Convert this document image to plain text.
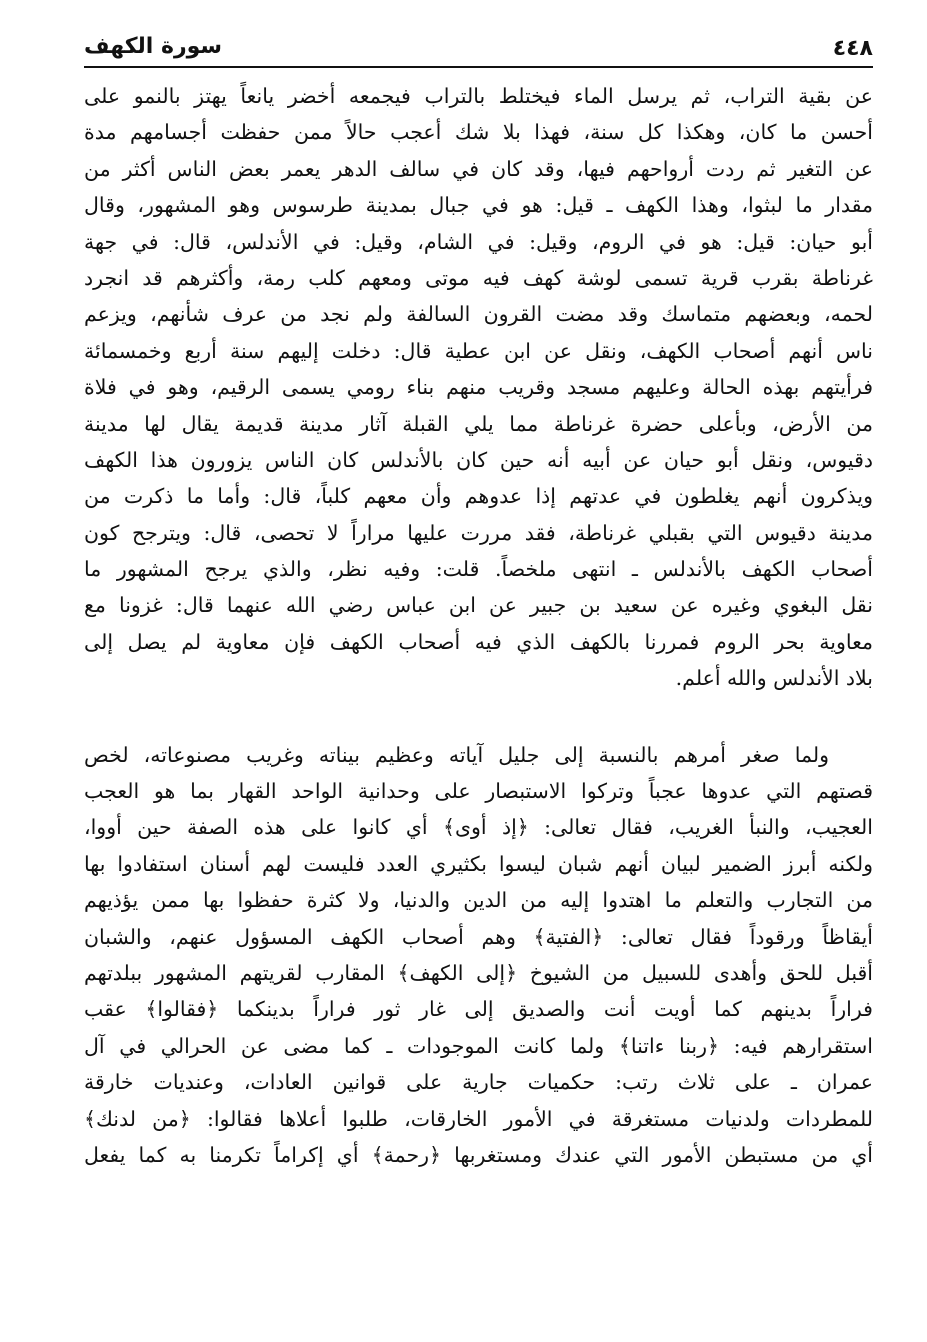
٤٤٨
سورة الكهف
عن بقية التراب، ثم يرسل الماء فيختلط بالتراب فيجمعه أخضر يانعاً يهتز بالنمو على
أحسن ما كان، وهكذا كل سنة، فهذا بلا شك أعجب حالاً ممن حفظت أجسامهم مدة
عن التغير ثم ردت أرواحهم فيها، وقد كان في سالف الدهر يعمر بعض الناس أكثر من
مقدار ما لبثوا، وهذا الكهف ـ قيل: هو في جبال بمدينة طرسوس وهو المشهور، وقال
أبو حيان: قيل: هو في الروم، وقيل: في الشام، وقيل: في الأندلس، قال: في جهة
غرناطة بقرب قرية تسمى لوشة كهف فيه موتى ومعهم كلب رمة، وأكثرهم قد انجرد
لحمه، وبعضهم متماسك وقد مضت القرون السالفة ولم نجد من عرف شأنهم، ويزعم
ناس أنهم أصحاب الكهف، ونقل عن ابن عطية قال: دخلت إليهم سنة أربع وخمسمائة
فرأيتهم بهذه الحالة وعليهم مسجد وقريب منهم بناء رومي يسمى الرقيم، وهو في فلاة
من الأرض، وبأعلى حضرة غرناطة مما يلي القبلة آثار مدينة قديمة يقال لها مدينة
دقيوس، ونقل أبو حيان عن أبيه أنه حين كان بالأندلس كان الناس يزورون هذا الكهف
ويذكرون أنهم يغلطون في عدتهم إذا عدوهم وأن معهم كلباً، قال: وأما ما ذكرت من
مدينة دقيوس التي بقبلي غرناطة، فقد مررت عليها مراراً لا تحصى، قال: ويترجح كون
أصحاب الكهف بالأندلس ـ انتهى ملخصاً. قلت: وفيه نظر، والذي يرجح المشهور ما
نقل البغوي وغيره عن سعيد بن جبير عن ابن عباس رضي الله عنهما قال: غزونا مع
معاوية بحر الروم فمررنا بالكهف الذي فيه أصحاب الكهف فإن معاوية لم يصل إلى
بلاد الأندلس والله أعلم.
ولما صغر أمرهم بالنسبة إلى جليل آياته وعظيم بيناته وغريب مصنوعاته، لخص
قصتهم التي عدوها عجباً وتركوا الاستبصار على وحدانية الواحد القهار بما هو العجب
العجيب، والنبأ الغريب، فقال تعالى: ﴿إذ أوى﴾ أي كانوا على هذه الصفة حين أووا،
ولكنه أبرز الضمير لبيان أنهم شبان ليسوا بكثيري العدد فليست لهم أسنان استفادوا بها
من التجارب والتعلم ما اهتدوا إليه من الدين والدنيا، ولا كثرة حفظوا بها ممن يؤذيهم
أيقاظاً ورقوداً فقال تعالى: ﴿الفتية﴾ وهم أصحاب الكهف المسؤول عنهم، والشبان
أقبل للحق وأهدى للسبيل من الشيوخ ﴿إلى الكهف﴾ المقارب لقريتهم المشهور ببلدتهم
فراراً بدينهم كما أويت أنت والصديق إلى غار ثور فراراً بدينكما ﴿فقالوا﴾ عقب
استقرارهم فيه: ﴿ربنا ءاتنا﴾ ولما كانت الموجودات ـ كما مضى عن الحرالي في آل
عمران ـ على ثلاث رتب: حكميات جارية على قوانين العادات، وعنديات خارقة
للمطردات ولدنيات مستغرقة في الأمور الخارقات، طلبوا أعلاها فقالوا: ﴿من لدنك﴾
أي من مستبطن الأمور التي عندك ومستغربها ﴿رحمة﴾ أي إكراماً تكرمنا به كما يفعل
